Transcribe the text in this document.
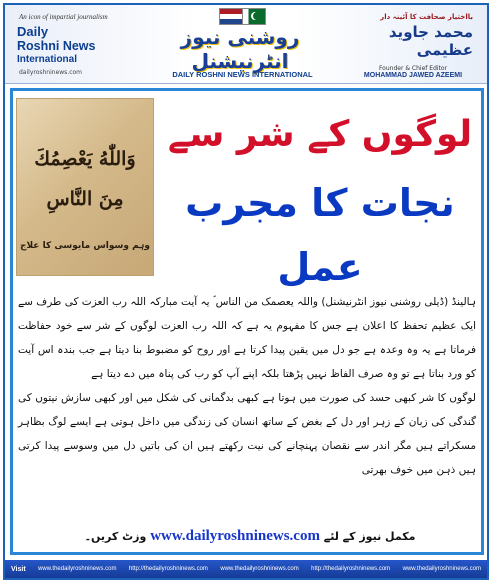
An icon of impartial journalism
Daily
Roshni News
International
dailyroshninews.com
روشنی نیوز انٹرنیشنل
DAILY ROSHNI NEWS INTERNATIONAL
بااختیار صحافت کا آئینہ دار
محمد جاوید عظیمی
Founder & Chief Editor
MOHAMMAD JAWED AZEEMI
وَاللّٰهُ يَعْصِمُكَ
مِنَ النَّاسِ
وہم وسواس مایوسی کا علاج
لوگوں کے شر سے
نجات کا مجرب عمل

ہالینڈ (ڈیلی روشنی نیوز انٹرنیشنل) واللہ یعصمک من الناس ؐ یہ آیت مبارکہ اللہ رب العزت کی طرف سے ایک عظیم تحفظ کا اعلان ہے جس کا مفہوم یہ ہے کہ اللہ رب العزت لوگوں کے شر سے خود حفاظت فرماتا ہے یہ وہ وعدہ ہے جو دل میں یقین پیدا کرتا ہے اور روح کو مضبوط بنا دیتا ہے جب بندہ اس آیت کو ورد بناتا ہے تو وہ صرف الفاظ نہیں پڑھتا بلکہ اپنے آپ کو رب کی پناہ میں دے دیتا ہے

لوگوں کا شر کبھی حسد کی صورت میں ہوتا ہے کبھی بدگمانی کی شکل میں اور کبھی سازش نیتوں کی گندگی کی زبان کے زہر اور دل کے بغض کے ساتھ انسان کی زندگی میں داخل ہوتی ہے ایسے لوگ بظاہر مسکراتے ہیں مگر اندر سے نقصان پہنچانے کی نیت رکھتے ہیں ان کی باتیں دل میں وسوسے پیدا کرتی ہیں ذہن میں خوف بھرتی

مکمل نیوز کے لئے www.dailyroshninews.com وزٹ کریں۔
Visit www.thedailyroshninews.com http://thedailyroshninews.com www.thedailyroshninews.com http://thedailyroshninews.com www.thedailyroshninews.com
